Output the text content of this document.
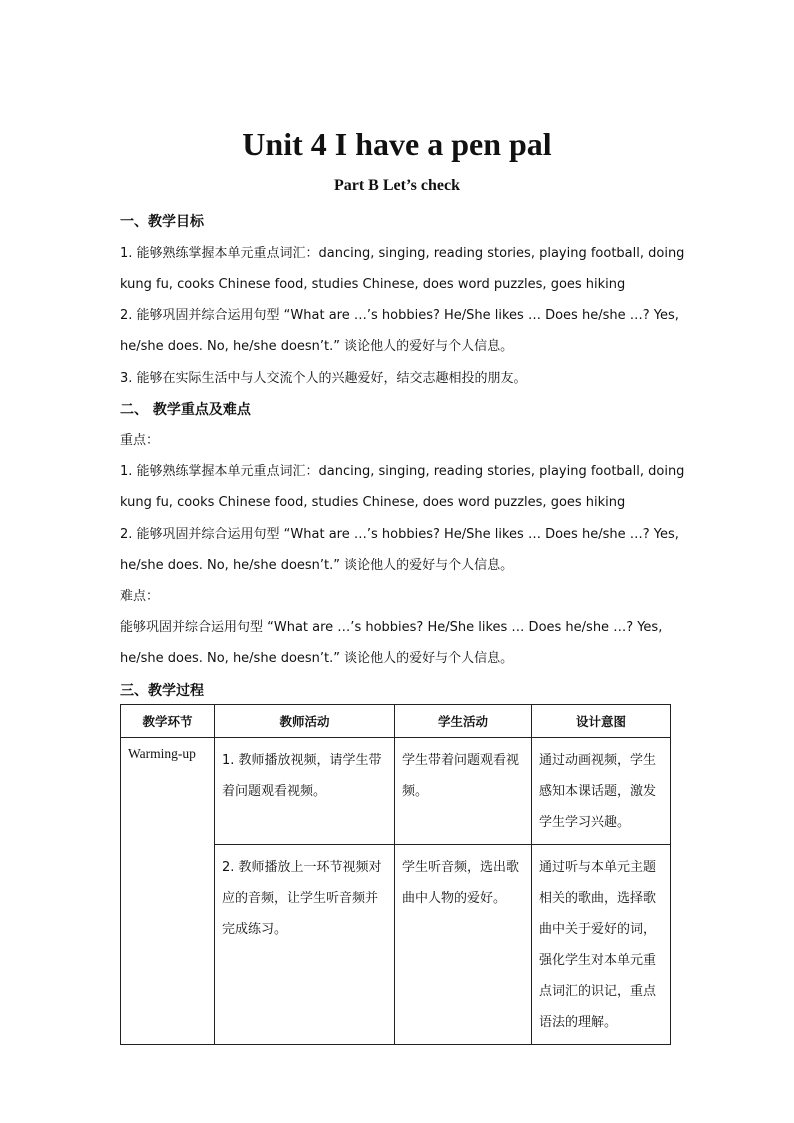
Unit 4 I have a pen pal
Part B Let’s check
一、教学目标
1. 能够熟练掌握本单元重点词汇：dancing, singing, reading stories, playing football, doing
kung fu, cooks Chinese food, studies Chinese, does word puzzles, goes hiking
2. 能够巩固并综合运用句型 “What are …’s hobbies? He/She likes … Does he/she …? Yes,
he/she does. No, he/she doesn’t.” 谈论他人的爱好与个人信息。
3. 能够在实际生活中与人交流个人的兴趣爱好，结交志趣相投的朋友。
二、 教学重点及难点
重点：
1. 能够熟练掌握本单元重点词汇：dancing, singing, reading stories, playing football, doing
kung fu, cooks Chinese food, studies Chinese, does word puzzles, goes hiking
2. 能够巩固并综合运用句型 “What are …’s hobbies? He/She likes … Does he/she …? Yes,
he/she does. No, he/she doesn’t.” 谈论他人的爱好与个人信息。
难点：
能够巩固并综合运用句型 “What are …’s hobbies? He/She likes … Does he/she …? Yes,
he/she does. No, he/she doesn’t.” 谈论他人的爱好与个人信息。
三、教学过程
教学环节	教师活动	学生活动	设计意图
Warming-up	1. 教师播放视频，请学生带着问题观看视频。	学生带着问题观看视频。	通过动画视频，学生感知本课话题，激发学生学习兴趣。
	2. 教师播放上一环节视频对应的音频，让学生听音频并完成练习。	学生听音频，选出歌曲中人物的爱好。	通过听与本单元主题相关的歌曲，选择歌曲中关于爱好的词，强化学生对本单元重点词汇的识记，重点语法的理解。
